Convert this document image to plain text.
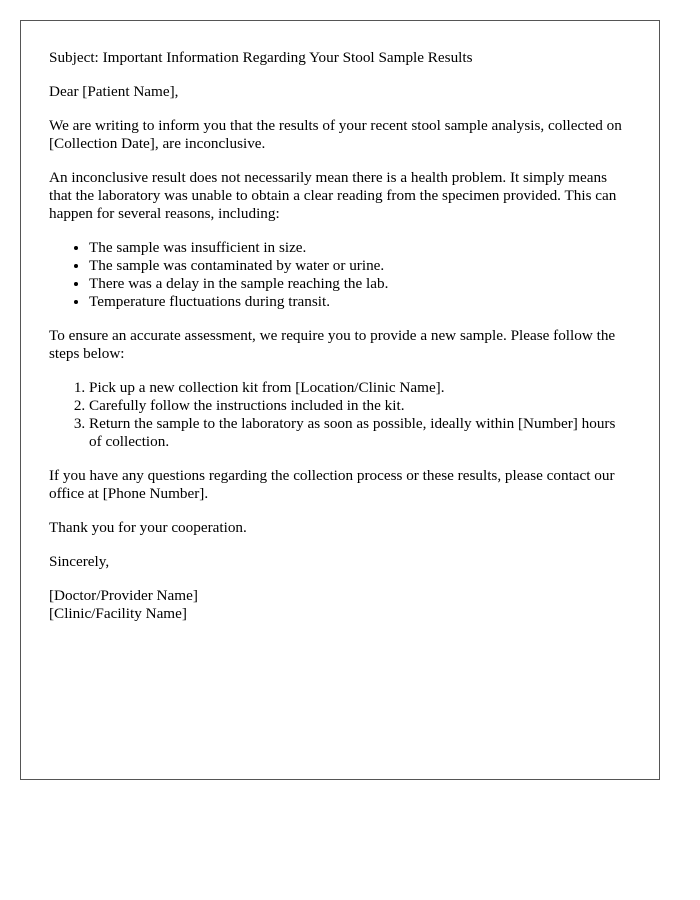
Subject: Important Information Regarding Your Stool Sample Results

Dear [Patient Name],

We are writing to inform you that the results of your recent stool sample analysis, collected on [Collection Date], are inconclusive.

An inconclusive result does not necessarily mean there is a health problem. It simply means that the laboratory was unable to obtain a clear reading from the specimen provided. This can happen for several reasons, including:

• The sample was insufficient in size.
• The sample was contaminated by water or urine.
• There was a delay in the sample reaching the lab.
• Temperature fluctuations during transit.

To ensure an accurate assessment, we require you to provide a new sample. Please follow the steps below:

1. Pick up a new collection kit from [Location/Clinic Name].
2. Carefully follow the instructions included in the kit.
3. Return the sample to the laboratory as soon as possible, ideally within [Number] hours of collection.

If you have any questions regarding the collection process or these results, please contact our office at [Phone Number].

Thank you for your cooperation.

Sincerely,

[Doctor/Provider Name]

[Clinic/Facility Name]
